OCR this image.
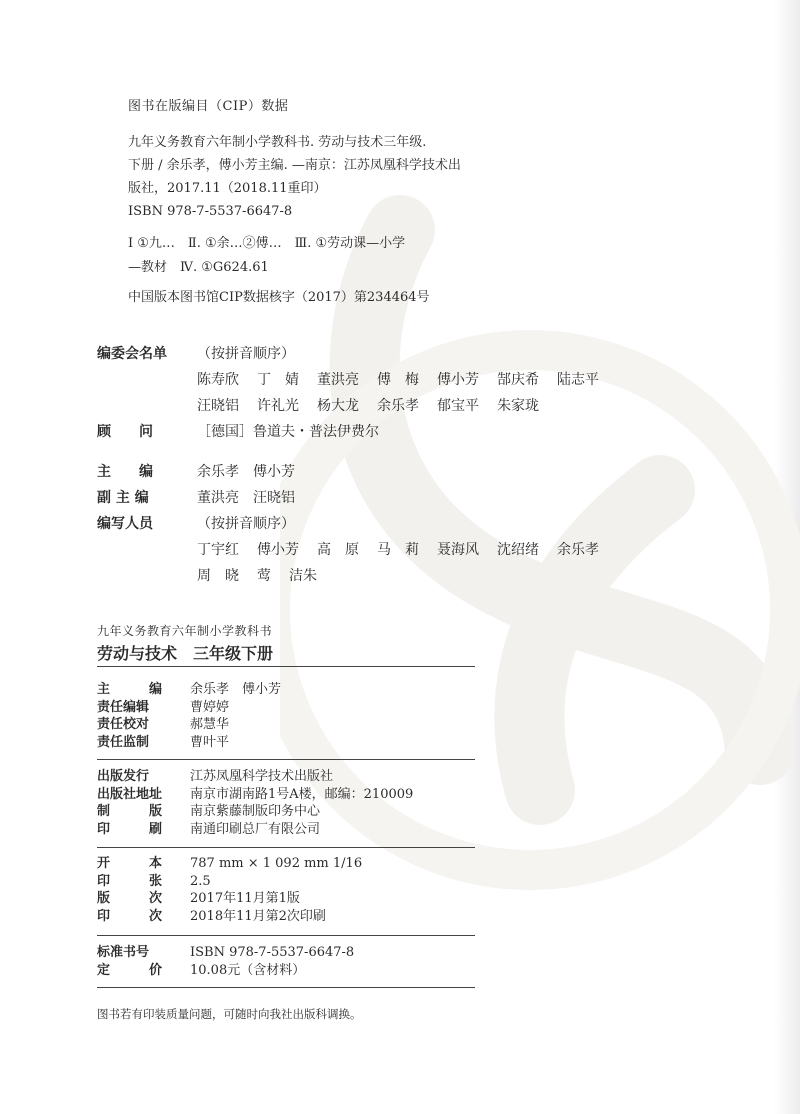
图书在版编目（CIP）数据
九年义务教育六年制小学教科书. 劳动与技术三年级.
下册 / 余乐孝，傅小芳主编. —南京：江苏凤凰科学技术出
版社，2017.11（2018.11重印）
ISBN 978-7-5537-6647-8
Ⅰ ①九…　Ⅱ. ①余…②傅…　Ⅲ. ①劳动课—小学
—教材　Ⅳ. ①G624.61
中国版本图书馆CIP数据核字（2017）第234464号
编委会名单 （按拼音顺序）
陈寿欣 丁　婧 董洪亮 傅　梅 傅小芳 郜庆希 陆志平
汪晓铝 许礼光 杨大龙 余乐孝 郁宝平 朱家珑
顾　　问	［德国］鲁道夫・普法伊费尔
主　　编	余乐孝　傅小芳
副 主 编	董洪亮　汪晓铝
编写人员	（按拼音顺序）
丁宇红 傅小芳 高　原 马　莉 聂海风 沈绍绪 余乐孝
周　晓 莺 洁朱
九年义务教育六年制小学教科书
劳动与技术　三年级下册
主　　　编 余乐孝　傅小芳
责任编辑	曹婷婷
责任校对	郝慧华
责任监制	曹叶平
出版发行	江苏凤凰科学技术出版社
出版社地址 南京市湖南路1号A楼，邮编：210009
制　　　版 南京紫藤制版印务中心
印　　　刷 南通印刷总厂有限公司
开　　　本 787 mm × 1 092 mm 1/16
印　　　张 2.5
版　　　次 2017年11月第1版
印　　　次 2018年11月第2次印刷
标准书号	ISBN 978-7-5537-6647-8
定　　　价 10.08元（含材料）
图书若有印装质量问题，可随时向我社出版科调换。
